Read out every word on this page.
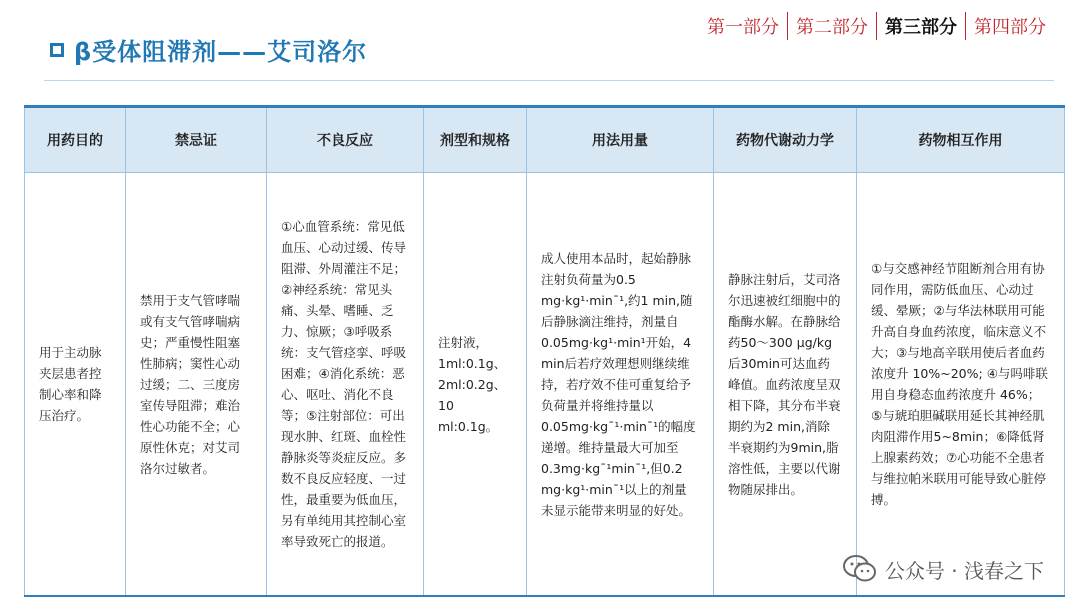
第一部分 第二部分 第三部分 第四部分
β受体阻滞剂——艾司洛尔
用药目的	禁忌证	不良反应	剂型和规格	用法用量	药物代谢动力学	药物相互作用
用于主动脉夹层患者控制心率和降压治疗。	禁用于支气管哮喘或有支气管哮喘病史；严重慢性阻塞性肺病；窦性心动过缓；二、三度房室传导阻滞；难治性心功能不全；心原性休克；对艾司洛尔过敏者。	①心血管系统：常见低血压、心动过缓、传导阻滞、外周灌注不足；②神经系统：常见头痛、头晕、嗜睡、乏力、惊厥；③呼吸系统：支气管痉挛、呼吸困难；④消化系统：恶心、呕吐、消化不良等；⑤注射部位：可出现水肿、红斑、血栓性静脉炎等炎症反应。多数不良反应轻度、一过性，最重要为低血压，另有单纯用其控制心室率导致死亡的报道。	注射液，1ml:0.1g、2ml:0.2g、10 ml:0.1g。	成人使用本品时，起始静脉注射负荷量为0.5 mg·kg¹·min¯¹,约1 min,随后静脉滴注维持，剂量自0.05mg·kg¹·min¹开始，4 min后若疗效理想则继续维持，若疗效不佳可重复给予负荷量并将维持量以0.05mg·kg¯¹·min¯¹的幅度递增。维持量最大可加至0.3mg·kg¯¹min¯¹,但0.2 mg·kg¹·min¯¹以上的剂量未显示能带来明显的好处。	静脉注射后，艾司洛尔迅速被红细胞中的酯酶水解。在静脉给药50～300 μg/kg后30min可达血药峰值。血药浓度呈双相下降，其分布半衰期约为2 min,消除半衰期约为9min,脂溶性低，主要以代谢物随尿排出。	①与交感神经节阻断剂合用有协同作用，需防低血压、心动过缓、晕厥；②与华法林联用可能升高自身血药浓度，临床意义不大；③与地高辛联用使后者血药浓度升 10%~20%; ④与吗啡联用自身稳态血药浓度升 46%；⑤与琥珀胆碱联用延长其神经肌肉阻滞作用5~8min；⑥降低肾上腺素药效；⑦心功能不全患者与维拉帕米联用可能导致心脏停搏。
公众号 · 浅春之下
